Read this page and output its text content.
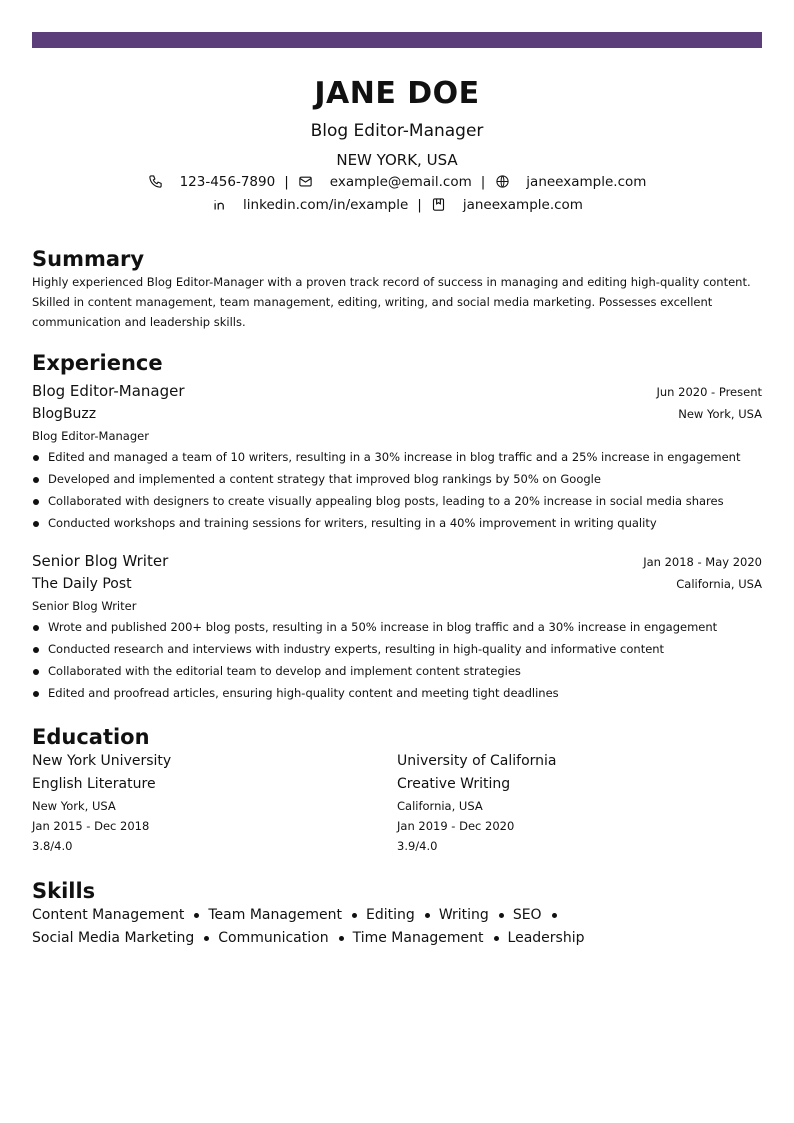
JANE DOE
Blog Editor-Manager
NEW YORK, USA
123-456-7890 |	example@email.com |	janeexample.com
linkedin.com/in/example |	janeexample.com
Summary
Highly experienced Blog Editor-Manager with a proven track record of success in managing and editing high-quality content. Skilled in content management, team management, editing, writing, and social media marketing. Possesses excellent communication and leadership skills.
Experience
Blog Editor-Manager	Jun 2020 - Present
BlogBuzz	New York, USA
Blog Editor-Manager
Edited and managed a team of 10 writers, resulting in a 30% increase in blog traffic and a 25% increase in engagement
Developed and implemented a content strategy that improved blog rankings by 50% on Google
Collaborated with designers to create visually appealing blog posts, leading to a 20% increase in social media shares
Conducted workshops and training sessions for writers, resulting in a 40% improvement in writing quality
Senior Blog Writer	Jan 2018 - May 2020
The Daily Post	California, USA
Senior Blog Writer
Wrote and published 200+ blog posts, resulting in a 50% increase in blog traffic and a 30% increase in engagement
Conducted research and interviews with industry experts, resulting in high-quality and informative content
Collaborated with the editorial team to develop and implement content strategies
Edited and proofread articles, ensuring high-quality content and meeting tight deadlines
Education
New York University
English Literature
New York, USA
Jan 2015 - Dec 2018
3.8/4.0
University of California
Creative Writing
California, USA
Jan 2019 - Dec 2020
3.9/4.0
Skills
Content Management Team Management Editing Writing SEO
Social Media Marketing Communication Time Management Leadership
